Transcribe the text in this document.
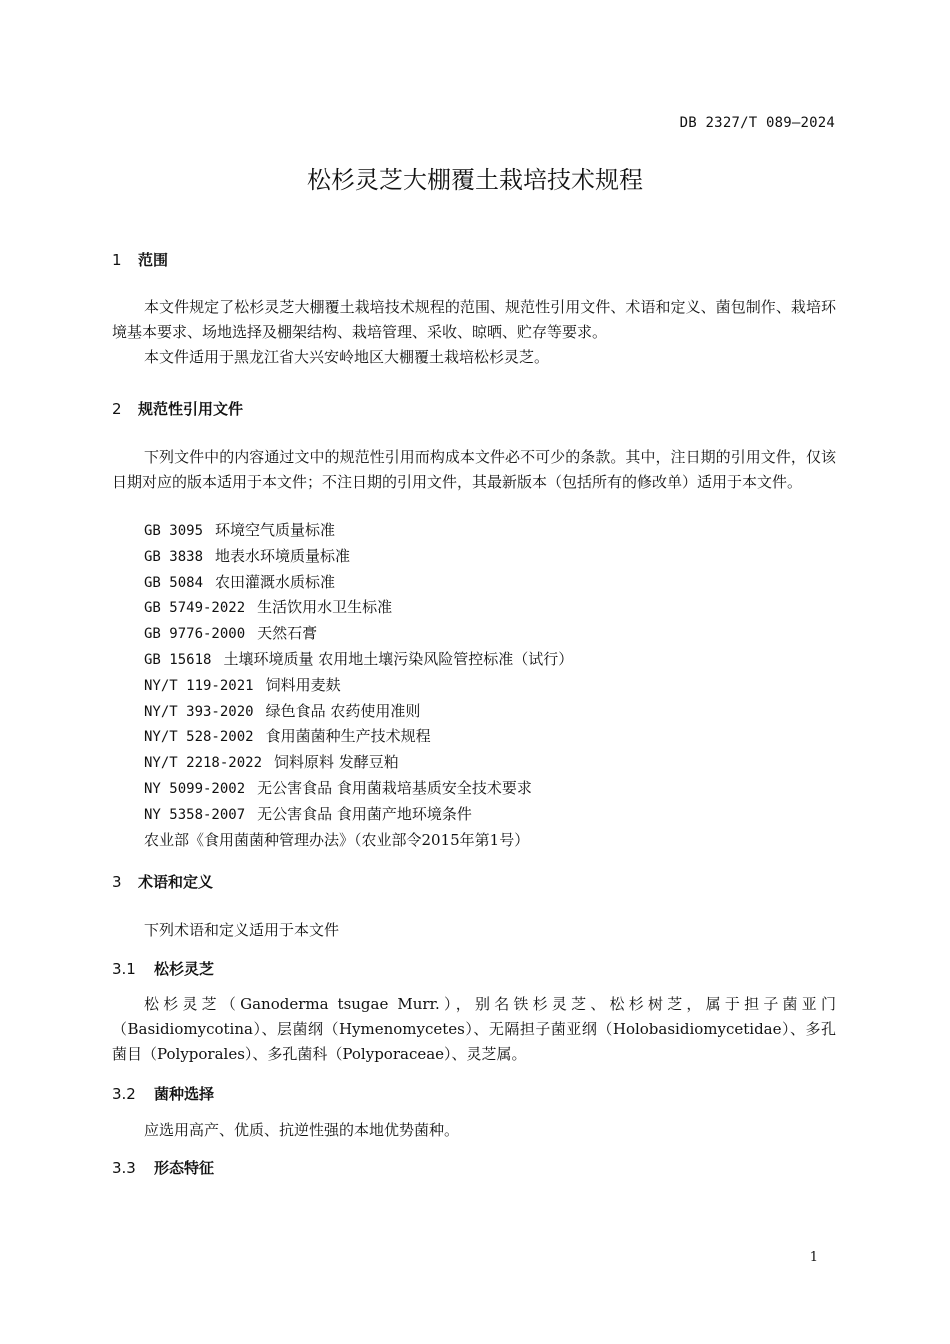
DB 2327/T 089—2024
松杉灵芝大棚覆土栽培技术规程
1 范围

本文件规定了松杉灵芝大棚覆土栽培技术规程的范围、规范性引用文件、术语和定义、菌包制作、栽培环境基本要求、场地选择及棚架结构、栽培管理、采收、晾晒、贮存等要求。

本文件适用于黑龙江省大兴安岭地区大棚覆土栽培松杉灵芝。

2 规范性引用文件

下列文件中的内容通过文中的规范性引用而构成本文件必不可少的条款。其中，注日期的引用文件，仅该日期对应的版本适用于本文件；不注日期的引用文件，其最新版本（包括所有的修改单）适用于本文件。

GB 3095 环境空气质量标准
GB 3838 地表水环境质量标准
GB 5084 农田灌溉水质标准
GB 5749-2022 生活饮用水卫生标准
GB 9776-2000 天然石膏
GB 15618 土壤环境质量 农用地土壤污染风险管控标准（试行）
NY/T 119-2021 饲料用麦麸
NY/T 393-2020 绿色食品 农药使用准则
NY/T 528-2002 食用菌菌种生产技术规程
NY/T 2218-2022 饲料原料 发酵豆粕
NY 5099-2002 无公害食品 食用菌栽培基质安全技术要求
NY 5358-2007 无公害食品 食用菌产地环境条件
农业部《食用菌菌种管理办法》（农业部令2015年第1号）
3 术语和定义

下列术语和定义适用于本文件

3.1 松杉灵芝

松杉灵芝（Ganoderma tsugae Murr.），别名铁杉灵芝、松杉树芝，属于担子菌亚门（Basidiomycotina）、层菌纲（Hymenomycetes）、无隔担子菌亚纲（Holobasidiomycetidae）、多孔菌目（Polyporales）、多孔菌科（Polyporaceae）、灵芝属。

3.2 菌种选择

应选用高产、优质、抗逆性强的本地优势菌种。

3.3 形态特征
1
